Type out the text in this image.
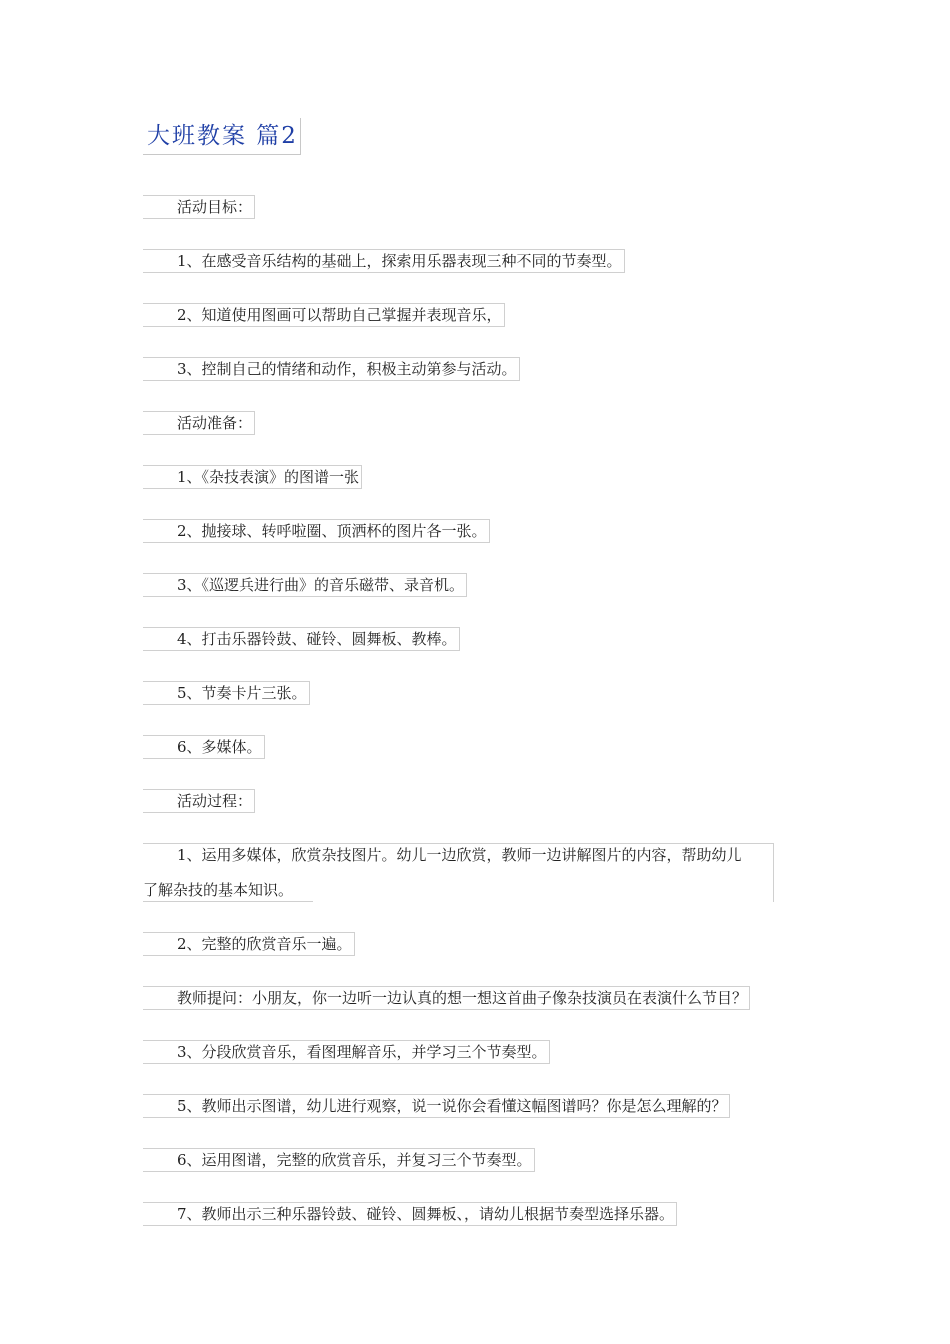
大班教案 篇2
活动目标：
1、在感受音乐结构的基础上，探索用乐器表现三种不同的节奏型。
2、知道使用图画可以帮助自己掌握并表现音乐，
3、控制自己的情绪和动作，积极主动第参与活动。
活动准备：
1、《杂技表演》的图谱一张
2、抛接球、转呼啦圈、顶洒杯的图片各一张。
3、《巡逻兵进行曲》的音乐磁带、录音机。
4、打击乐器铃鼓、碰铃、圆舞板、教棒。
5、节奏卡片三张。
6、多媒体。
活动过程：
1、运用多媒体，欣赏杂技图片。幼儿一边欣赏，教师一边讲解图片的内容，帮助幼儿
了解杂技的基本知识。
2、完整的欣赏音乐一遍。
教师提问：小朋友，你一边听一边认真的想一想这首曲子像杂技演员在表演什么节目？
3、分段欣赏音乐，看图理解音乐，并学习三个节奏型。
5、教师出示图谱，幼儿进行观察，说一说你会看懂这幅图谱吗？你是怎么理解的？
6、运用图谱，完整的欣赏音乐，并复习三个节奏型。
7、教师出示三种乐器铃鼓、碰铃、圆舞板、，请幼儿根据节奏型选择乐器。
